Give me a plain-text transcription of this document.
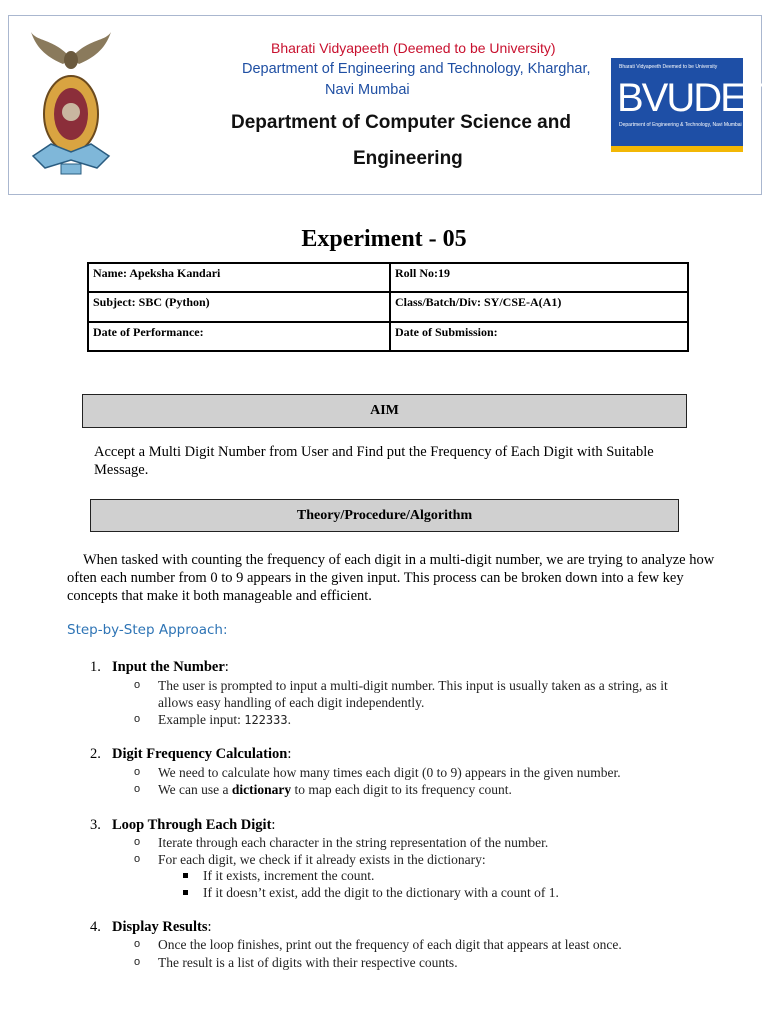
Bharati Vidyapeeth (Deemed to be University)
Department of Engineering and Technology, Kharghar,
Navi Mumbai
Department of Computer Science and
Engineering
Bharati Vidyapeeth Deemed to be University
BVUDET
Department of Engineering & Technology, Navi Mumbai
Experiment - 05
Name: Apeksha Kandari	Roll No:19
Subject: SBC (Python)	Class/Batch/Div: SY/CSE-A(A1)
Date of Performance:	Date of Submission:
AIM
Accept a Multi Digit Number from User and Find put the Frequency of Each Digit with Suitable Message.
Theory/Procedure/Algorithm
When tasked with counting the frequency of each digit in a multi-digit number, we are trying to analyze how often each number from 0 to 9 appears in the given input. This process can be broken down into a few key concepts that make it both manageable and efficient.
Step-by-Step Approach:
1. Input the Number:
o The user is prompted to input a multi-digit number. This input is usually taken as a string, as it allows easy handling of each digit independently.
o Example input: 122333.
2. Digit Frequency Calculation:
o We need to calculate how many times each digit (0 to 9) appears in the given number.
o We can use a dictionary to map each digit to its frequency count.
3. Loop Through Each Digit:
o Iterate through each character in the string representation of the number.
o For each digit, we check if it already exists in the dictionary:
If it exists, increment the count.
If it doesn’t exist, add the digit to the dictionary with a count of 1.
4. Display Results:
o Once the loop finishes, print out the frequency of each digit that appears at least once.
o The result is a list of digits with their respective counts.
